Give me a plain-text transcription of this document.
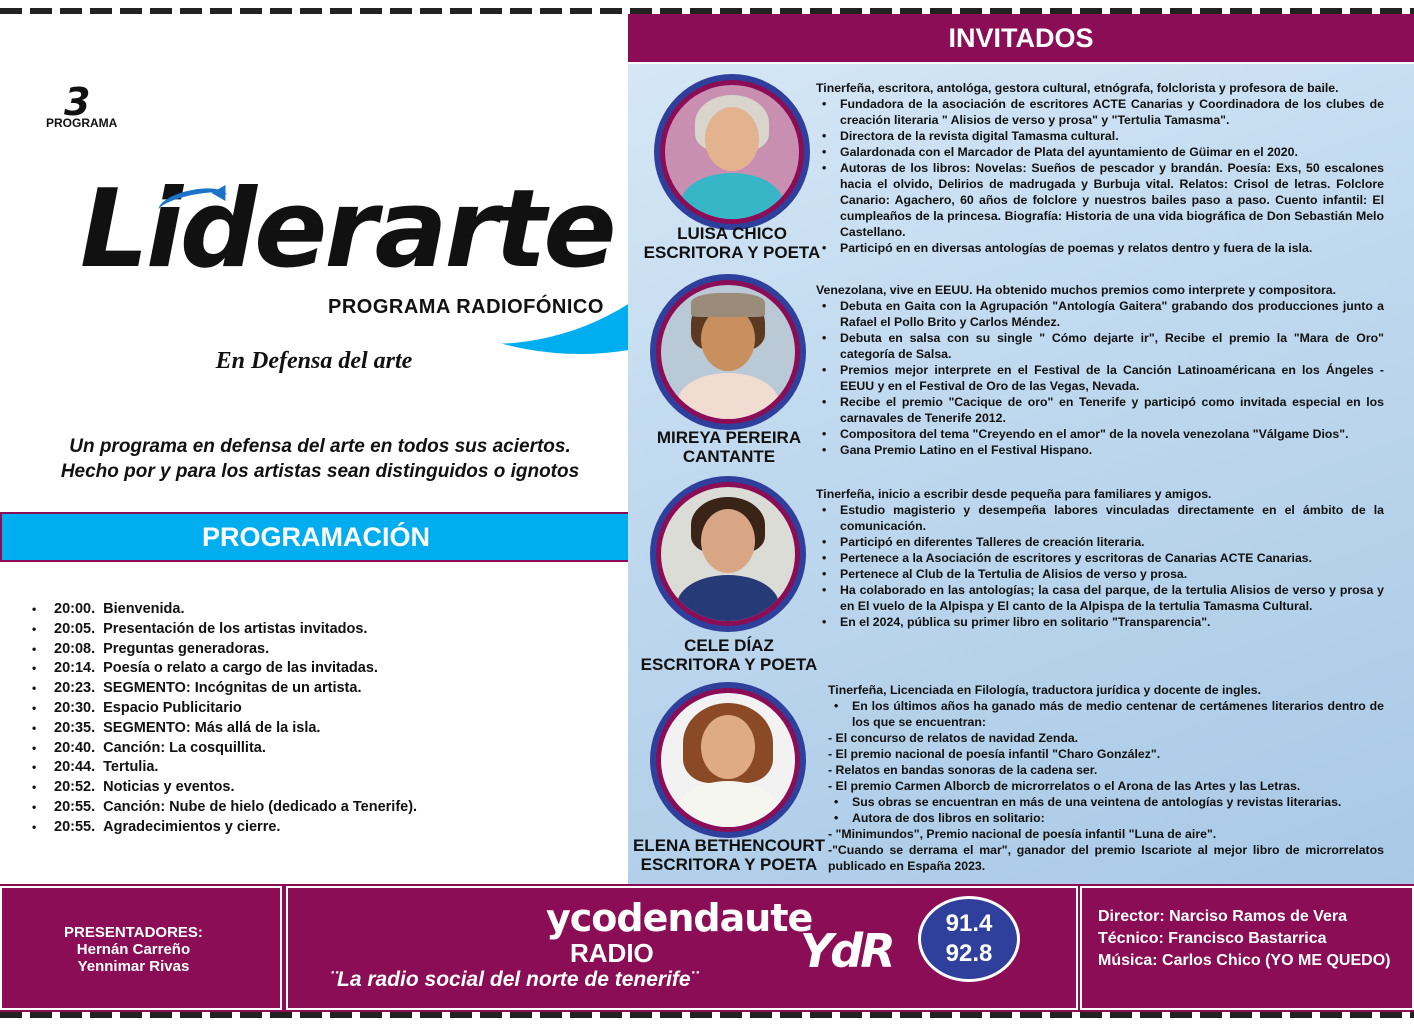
3
PROGRAMA
Liderarte
PROGRAMA RADIOFÓNICO
En Defensa del arte
Un programa en defensa del arte en todos sus aciertos.
Hecho por y para los artistas sean distinguidos o ignotos
PROGRAMACIÓN
•	20:00. Bienvenida.
•	20:05. Presentación de los artistas invitados.
•	20:08. Preguntas generadoras.
•	20:14. Poesía o relato a cargo de las invitadas.
•	20:23. SEGMENTO: Incógnitas de un artista.
•	20:30. Espacio Publicitario
•	20:35. SEGMENTO: Más allá de la isla.
•	20:40. Canción: La cosquillita.
•	20:44. Tertulia.
•	20:52. Noticias y eventos.
•	20:55. Canción: Nube de hielo (dedicado a Tenerife).
•	20:55. Agradecimientos y cierre.
INVITADOS
LUISA CHICO
ESCRITORA Y POETA
Tinerfeña, escritora, antológa, gestora cultural, etnógrafa, folclorista y profesora de baile.
• Fundadora de la asociación de escritores ACTE Canarias y Coordinadora de los clubes de creación literaria " Alisios de verso y prosa" y "Tertulia Tamasma".
• Directora de la revista digital Tamasma cultural.
• Galardonada con el Marcador de Plata del ayuntamiento de Güimar en el 2020.
• Autoras de los libros: Novelas: Sueños de pescador y brandán. Poesía: Exs, 50 escalones hacia el olvido, Delirios de madrugada y Burbuja vital. Relatos: Crisol de letras. Folclore Canario: Agachero, 60 años de folclore y nuestros bailes paso a paso. Cuento infantil: El cumpleaños de la princesa. Biografía: Historia de una vida biográfica de Don Sebastián Melo Castellano.
• Participó en en diversas antologías de poemas y relatos dentro y fuera de la isla.
MIREYA PEREIRA
CANTANTE
Venezolana, vive en EEUU. Ha obtenido muchos premios como interprete y compositora.
• Debuta en Gaita con la Agrupación "Antología Gaitera" grabando dos producciones junto a Rafael el Pollo Brito y Carlos Méndez.
• Debuta en salsa con su single " Cómo dejarte ir", Recibe el premio la "Mara de Oro" categoría de Salsa.
• Premios mejor interprete en el Festival de la Canción Latinoaméricana en los Ángeles - EEUU y en el Festival de Oro de las Vegas, Nevada.
• Recibe el premio "Cacique de oro" en Tenerife y participó como invitada especial en los carnavales de Tenerife 2012.
• Compositora del tema "Creyendo en el amor" de la novela venezolana "Válgame Dios".
• Gana Premio Latino en el Festival Hispano.
CELE DÍAZ
ESCRITORA Y POETA
Tinerfeña, inicio a escribir desde pequeña para familiares y amigos.
• Estudio magisterio y desempeña labores vinculadas directamente en el ámbito de la comunicación.
• Participó en diferentes Talleres de creación literaria.
• Pertenece a la Asociación de escritores y escritoras de Canarias ACTE Canarias.
• Pertenece al Club de la Tertulia de Alisios de verso y prosa.
• Ha colaborado en las antologías; la casa del parque, de la tertulia Alisios de verso y prosa y en El vuelo de la Alpispa y El canto de la Alpispa de la tertulia Tamasma Cultural.
• En el 2024, pública su primer libro en solitario "Transparencia".
ELENA BETHENCOURT
ESCRITORA Y POETA
Tinerfeña, Licenciada en Filología, traductora jurídica y docente de ingles.
• En los últimos años ha ganado más de medio centenar de certámenes literarios dentro de los que se encuentran:
- El concurso de relatos de navidad Zenda.
- El premio nacional de poesía infantil "Charo González".
- Relatos en bandas sonoras de la cadena ser.
- El premio Carmen Alborcb de microrrelatos o el Arona de las Artes y las Letras.
• Sus obras se encuentran en más de una veintena de antologías y revistas literarias.
• Autora de dos libros en solitario:
- "Minimundos", Premio nacional de poesía infantil "Luna de aire".
-"Cuando se derrama el mar", ganador del premio Iscariote al mejor libro de microrrelatos publicado en España 2023.
PRESENTADORES:
Hernán Carreño
Yennimar Rivas
ycodendaute
RADIO
¨La radio social del norte de tenerife¨
YdR
91.4
92.8
Director: Narciso Ramos de Vera
Técnico: Francisco Bastarrica
Música: Carlos Chico (YO ME QUEDO)
